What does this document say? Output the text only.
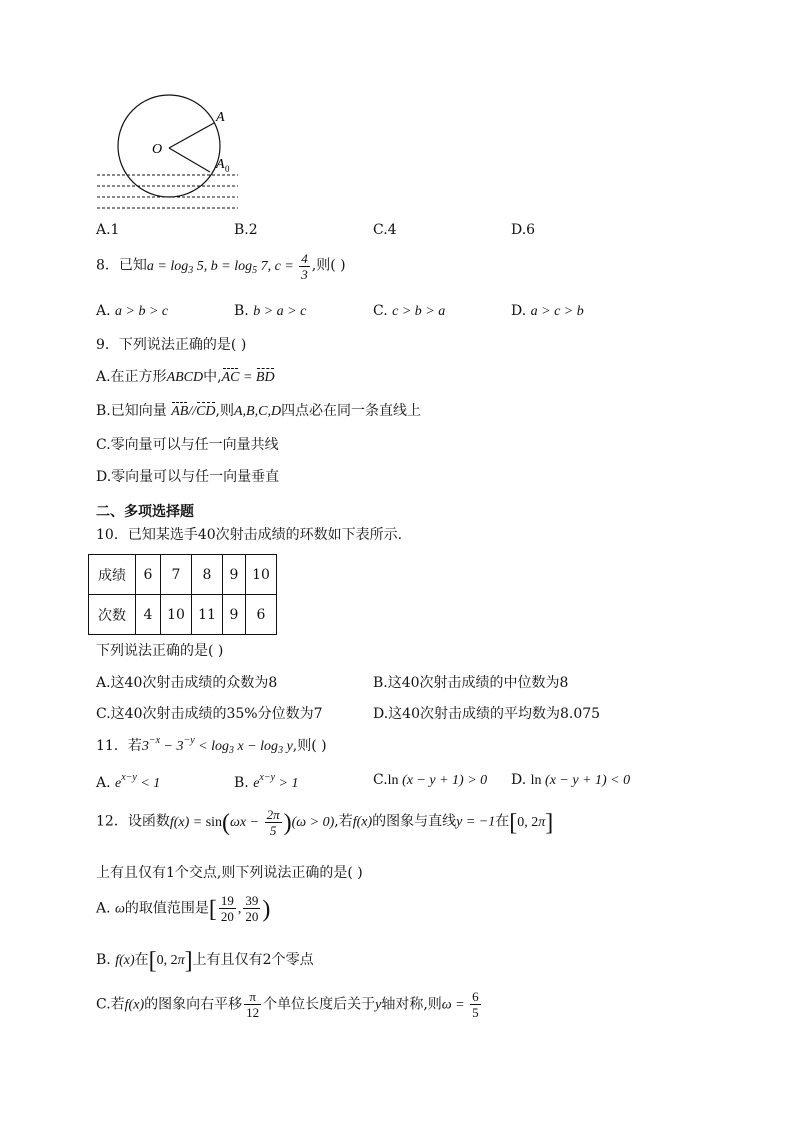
A
O
A 0
A.1	B.2	C.4	D.6
8．已知$a = \log_3 5$, $b = \log_5 7$, $c = \frac{4}{3}$ ,则( )
A. a > b > c	B. b > a > c	C. c > b > a	D. a > c > b
9．下列说法正确的是( )
A.在正方形ABCD中,AC = BD
B.已知向量 AB//CD,则A,B,C,D四点必在同一条直线上
C.零向量可以与任一向量共线
D.零向量可以与任一向量垂直
二、多项选择题
10．已知某选手40次射击成绩的环数如下表所示.
成绩	6	7	8	9	10
次数	4	10	11	9	6
下列说法正确的是( )
A.这40次射击成绩的众数为8	B.这40次射击成绩的中位数为8
C.这40次射击成绩的35%分位数为7	D.这40次射击成绩的平均数为8.075
11．若$3^{-x} - 3^{-y} < \log_3 x - \log_3 y$,则( )
A. $e^{x-y} < 1$	B. $e^{x-y} > 1$	C.ln (x − y + 1) > 0 D. ln (x − y + 1) < 0
12．设函数$f(x) = \sin(\omega x - \frac{2\pi}{5} )(\omega > 0)$,若f(x)的图象与直线y = −1在[0, 2π]
上有且仅有1个交点,则下列说法正确的是( )
A. ω的取值范围是[ $\frac{19}{20}$ , $\frac{39}{20}$ )
B. f(x)在[0, 2π]上有且仅有2个零点
C.若f(x)的图象向右平移 $\frac{\pi}{12}$ 个单位长度后关于y轴对称,则$\omega = \frac{6}{5}$
